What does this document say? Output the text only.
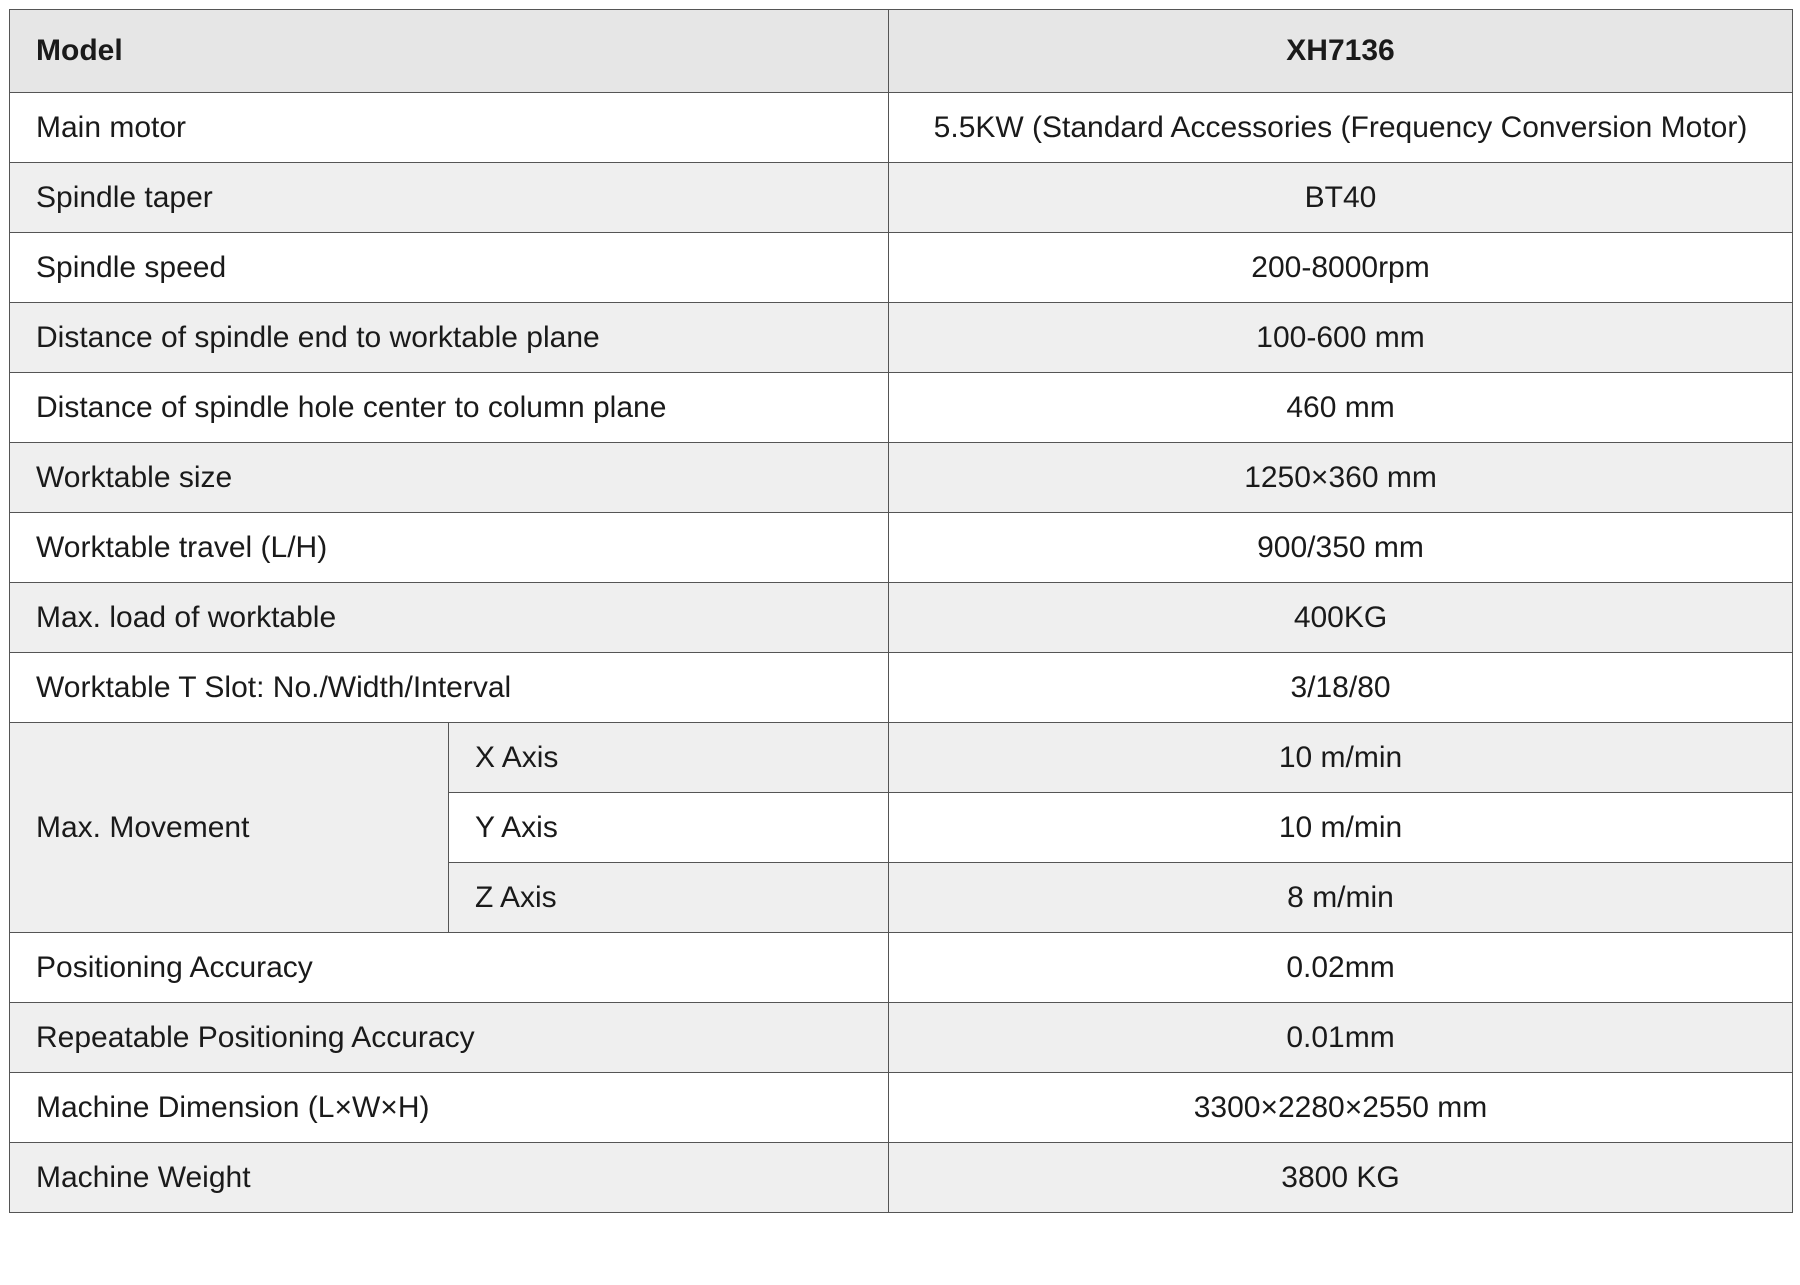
Model		XH7136
Main motor		5.5KW (Standard Accessories (Frequency Conversion Motor)
Spindle taper		BT40
Spindle speed		200-8000rpm
Distance of spindle end to worktable plane		100-600 mm
Distance of spindle hole center to column plane		460 mm
Worktable size		1250×360 mm
Worktable travel (L/H)		900/350 mm
Max. load of worktable		400KG
Worktable T Slot: No./Width/Interval		3/18/80
Max. Movement	X Axis	10 m/min
	Y Axis	10 m/min
	Z Axis	8 m/min
Positioning Accuracy		0.02mm
Repeatable Positioning Accuracy		0.01mm
Machine Dimension (L×W×H)		3300×2280×2550 mm
Machine Weight		3800 KG
